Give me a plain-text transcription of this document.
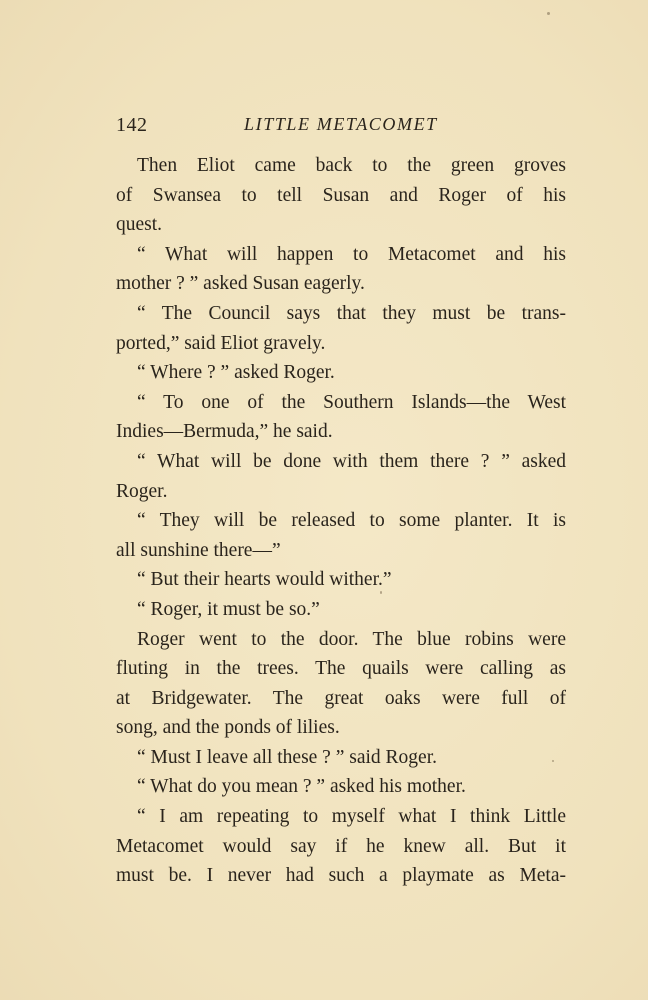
142	LITTLE METACOMET
Then Eliot came back to the green groves
of Swansea to tell Susan and Roger of his
quest.
“ What will happen to Metacomet and his
mother ? ” asked Susan eagerly.
“ The Council says that they must be trans-
ported,” said Eliot gravely.
“ Where ? ” asked Roger.
“ To one of the Southern Islands—the West
Indies—Bermuda,” he said.
“ What will be done with them there ? ” asked
Roger.
“ They will be released to some planter. It is
all sunshine there—”
“ But their hearts would wither.”
“ Roger, it must be so.”
Roger went to the door. The blue robins were
fluting in the trees. The quails were calling as
at Bridgewater. The great oaks were full of
song, and the ponds of lilies.
“ Must I leave all these ? ” said Roger.
“ What do you mean ? ” asked his mother.
“ I am repeating to myself what I think Little
Metacomet would say if he knew all. But it
must be. I never had such a playmate as Meta-
